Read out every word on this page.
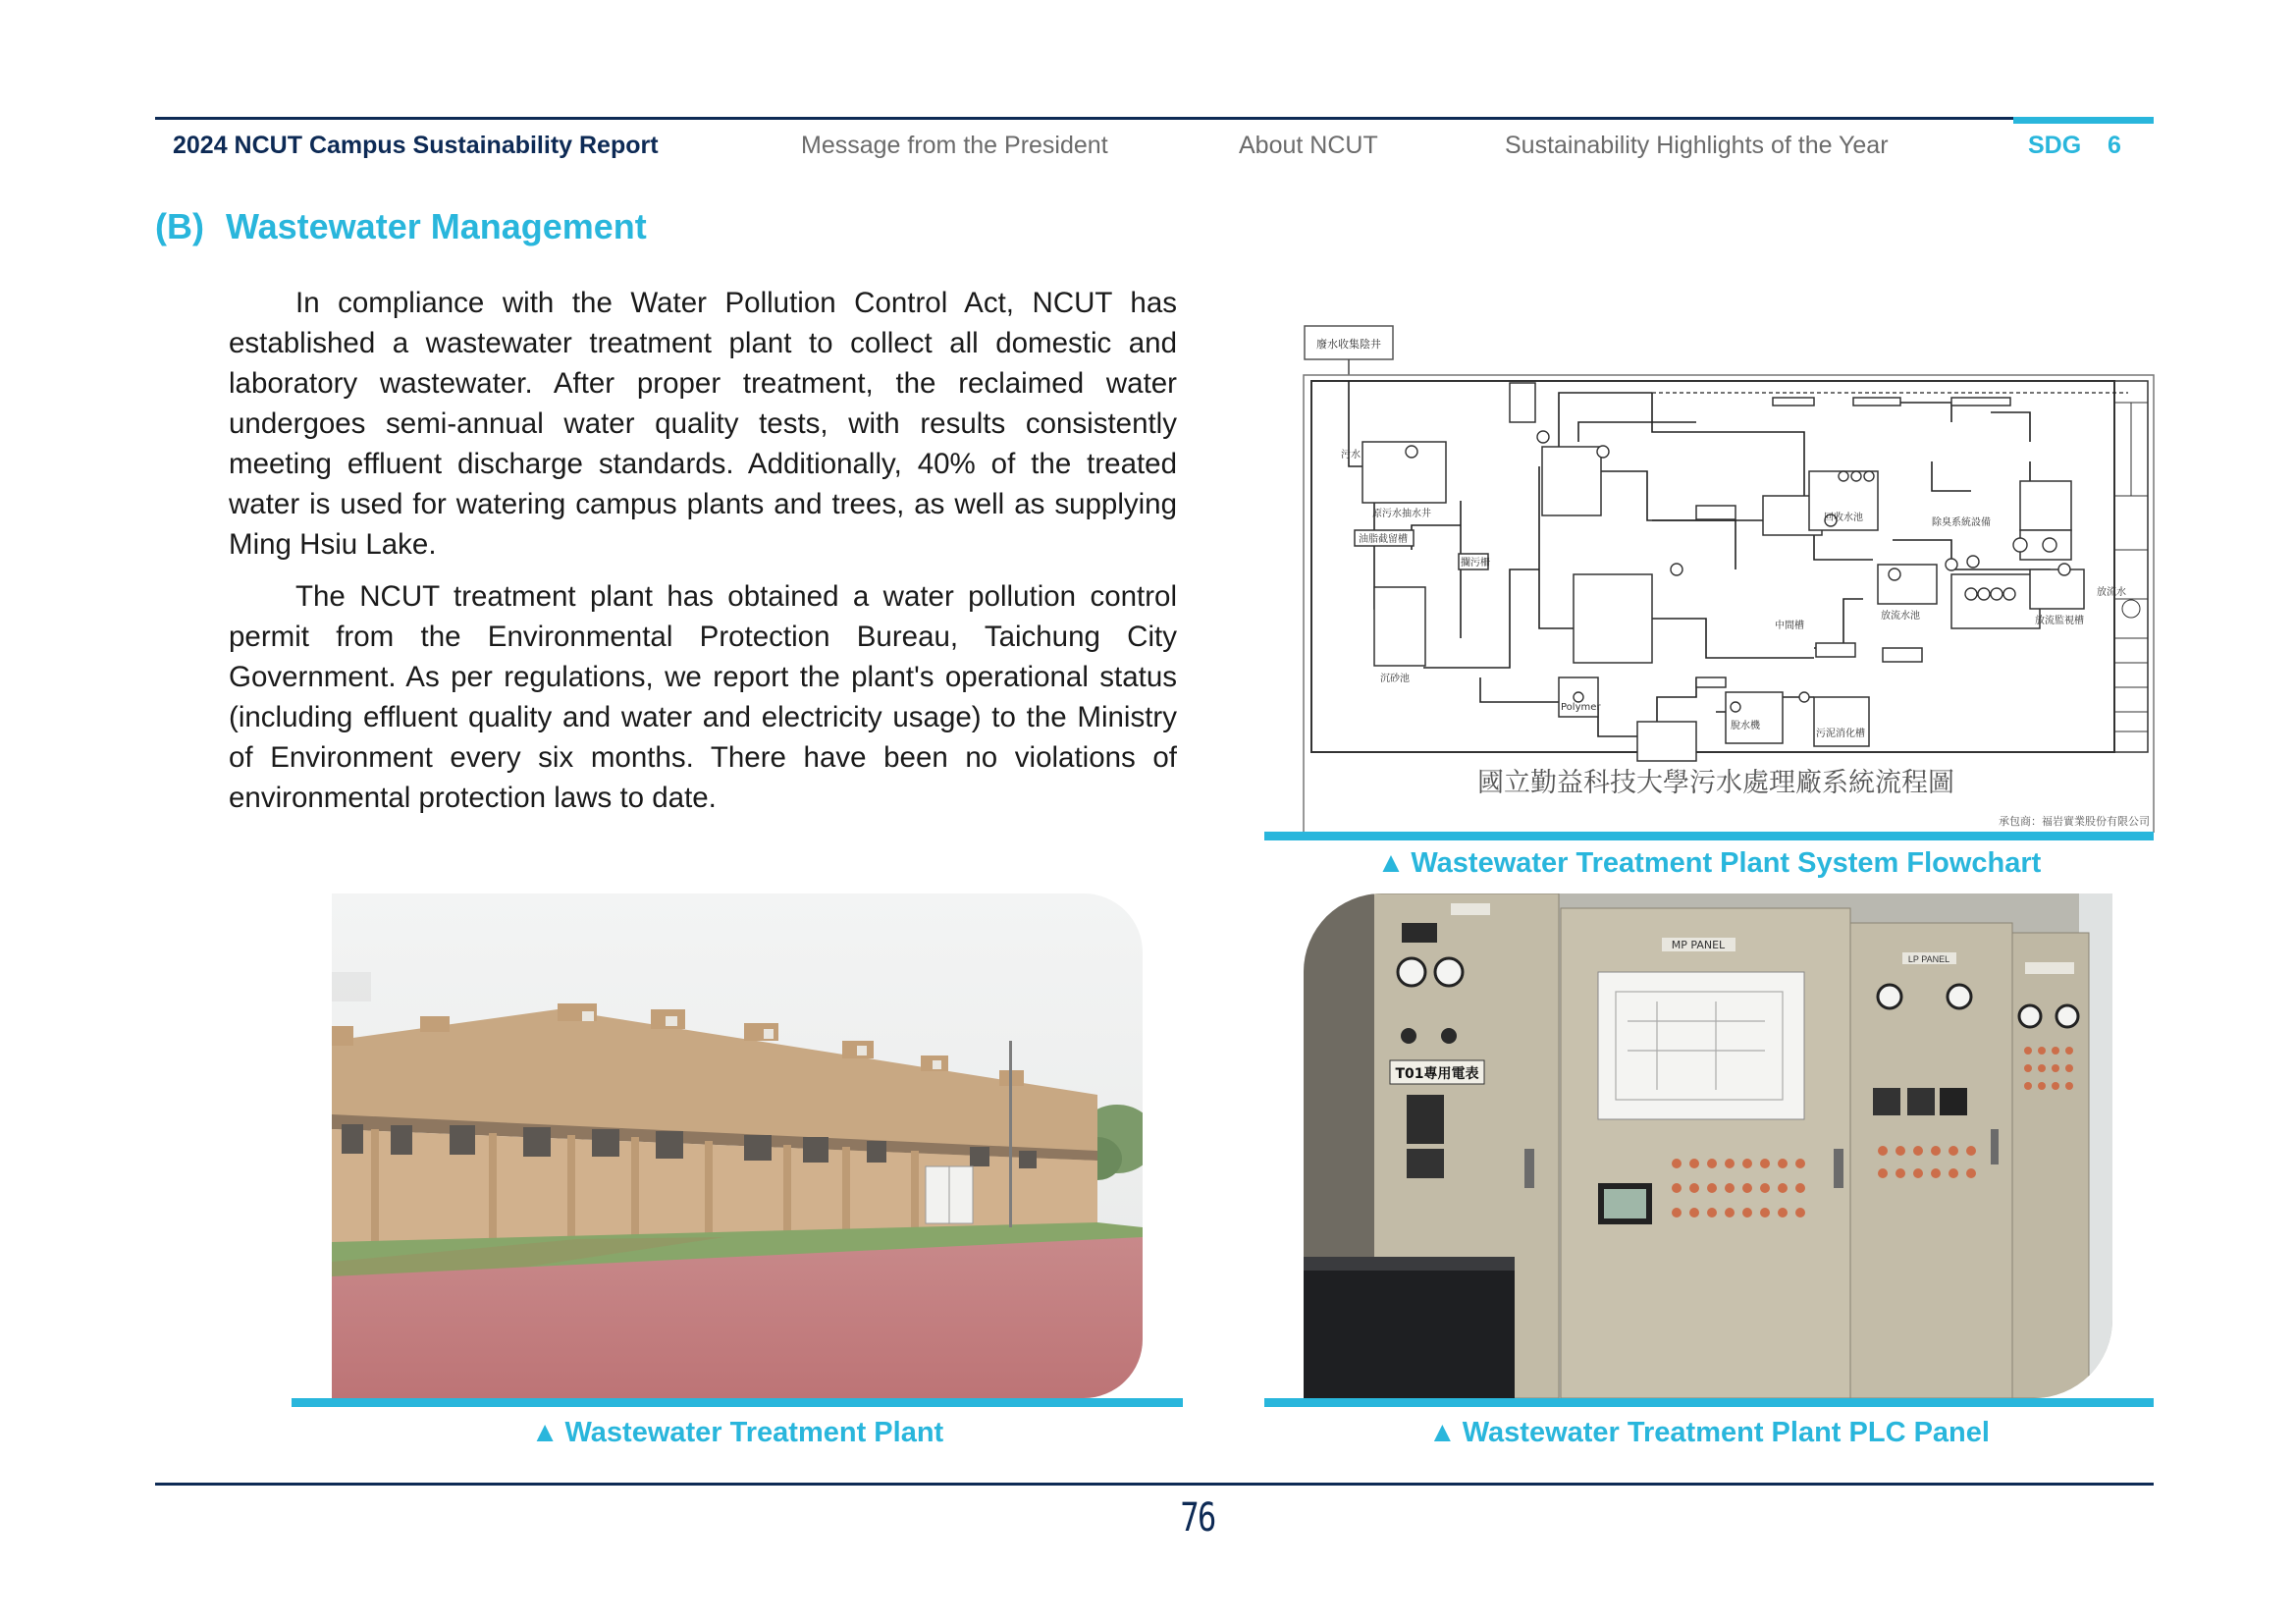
2024 NCUT Campus Sustainability Report	Message from the President	About NCUT	Sustainability Highlights of the Year	SDG 6
(B) Wastewater Management

In compliance with the Water Pollution Control Act, NCUT has established a wastewater treatment plant to collect all domestic and laboratory wastewater. After proper treatment, the reclaimed water undergoes semi-annual water quality tests, with results consistently meeting effluent discharge standards. Additionally, 40% of the treated water is used for watering campus plants and trees, as well as supplying Ming Hsiu Lake.

The NCUT treatment plant has obtained a water pollution control permit from the Environmental Protection Bureau, Taichung City Government. As per regulations, we report the plant's operational status (including effluent quality and water and electricity usage) to the Ministry of Environment every six months. There have been no violations of environmental protection laws to date.

廢水收集陰井
污水
原污水抽水井
油脂截留槽
攔污柵
沉砂池
中間槽
回收水池	除臭系統設備
放流水池	放流監視槽
放流水
Polymer
脫水機
污泥消化槽
國立勤益科技大學污水處理廠系統流程圖
承包商：福岩實業股份有限公司
▲ Wastewater Treatment Plant System Flowchart
▲ Wastewater Treatment Plant
MP PANEL
LP PANEL
T01專用電表
▲ Wastewater Treatment Plant PLC Panel
76
